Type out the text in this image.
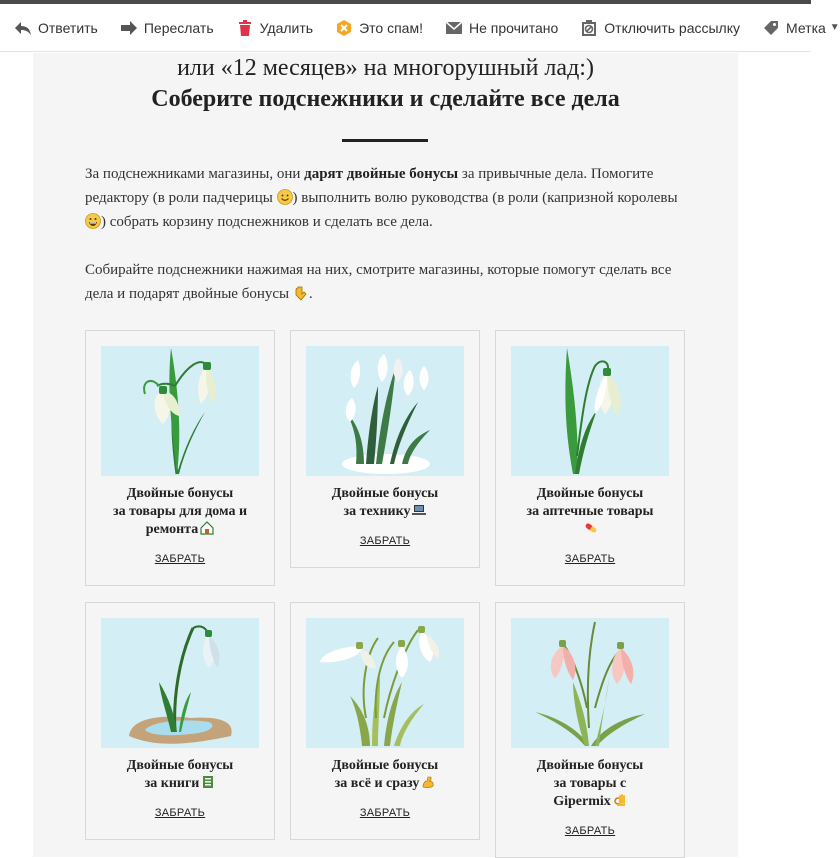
Ответить	Переслать	Удалить	Это спам!	Не прочитано	Отключить рассылку	Метка ▼
или «12 месяцев» на многорушный лад:)
Соберите подснежники и сделайте все дела
За подснежниками магазины, они дарят двойные бонусы за привычные дела. Помогите редактору (в роли падчерицы ) выполнить волю руководства (в роли (капризной королевы ) собрать корзину подснежников и сделать все дела.
Собирайте подснежники нажимая на них, смотрите магазины, которые помогут сделать все дела и подарят двойные бонусы .
Двойные бонусы
за товары для дома и
ремонта
ЗАБРАТЬ
Двойные бонусы
за технику
ЗАБРАТЬ
Двойные бонусы
за аптечные товары
ЗАБРАТЬ
Двойные бонусы
за книги
ЗАБРАТЬ
Двойные бонусы
за всё и сразу
ЗАБРАТЬ
Двойные бонусы
за товары с
Gipermix
ЗАБРАТЬ
